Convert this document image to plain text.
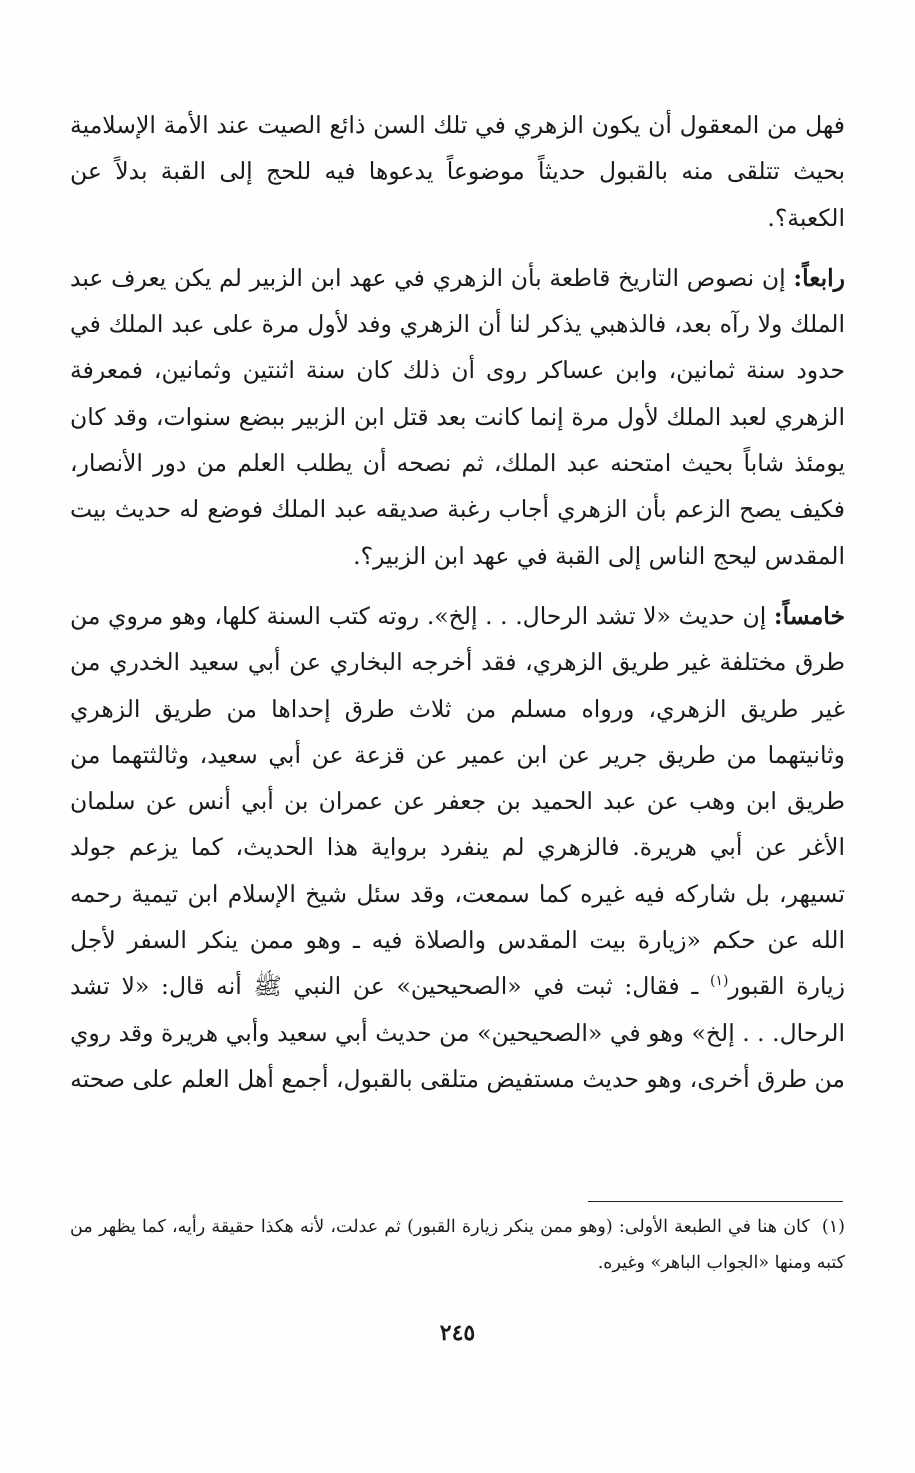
فهل من المعقول أن يكون الزهري في تلك السن ذائع الصيت عند الأمة الإسلامية بحيث تتلقى منه بالقبول حديثاً موضوعاً يدعوها فيه للحج إلى القبة بدلاً عن الكعبة؟.

رابعاً: إن نصوص التاريخ قاطعة بأن الزهري في عهد ابن الزبير لم يكن يعرف عبد الملك ولا رآه بعد، فالذهبي يذكر لنا أن الزهري وفد لأول مرة على عبد الملك في حدود سنة ثمانين، وابن عساكر روى أن ذلك كان سنة اثنتين وثمانين، فمعرفة الزهري لعبد الملك لأول مرة إنما كانت بعد قتل ابن الزبير ببضع سنوات، وقد كان يومئذ شاباً بحيث امتحنه عبد الملك، ثم نصحه أن يطلب العلم من دور الأنصار، فكيف يصح الزعم بأن الزهري أجاب رغبة صديقه عبد الملك فوضع له حديث بيت المقدس ليحج الناس إلى القبة في عهد ابن الزبير؟.

خامساً: إن حديث «لا تشد الرحال. . . إلخ». روته كتب السنة كلها، وهو مروي من طرق مختلفة غير طريق الزهري، فقد أخرجه البخاري عن أبي سعيد الخدري من غير طريق الزهري، ورواه مسلم من ثلاث طرق إحداها من طريق الزهري وثانيتهما من طريق جرير عن ابن عمير عن قزعة عن أبي سعيد، وثالثتهما من طريق ابن وهب عن عبد الحميد بن جعفر عن عمران بن أبي أنس عن سلمان الأغر عن أبي هريرة. فالزهري لم ينفرد برواية هذا الحديث، كما يزعم جولد تسيهر، بل شاركه فيه غيره كما سمعت، وقد سئل شيخ الإسلام ابن تيمية رحمه الله عن حكم «زيارة بيت المقدس والصلاة فيه ـ وهو ممن ينكر السفر لأجل زيارة القبور$^{(١)}$ ـ فقال: ثبت في «الصحيحين» عن النبي ﷺ أنه قال: «لا تشد الرحال. . . إلخ» وهو في «الصحيحين» من حديث أبي سعيد وأبي هريرة وقد روي من طرق أخرى، وهو حديث مستفيض متلقى بالقبول، أجمع أهل العلم على صحته

(١) كان هنا في الطبعة الأولى: (وهو ممن ينكر زيارة القبور) ثم عدلت، لأنه هكذا حقيقة رأيه، كما يظهر من كتبه ومنها «الجواب الباهر» وغيره.
٢٤٥
